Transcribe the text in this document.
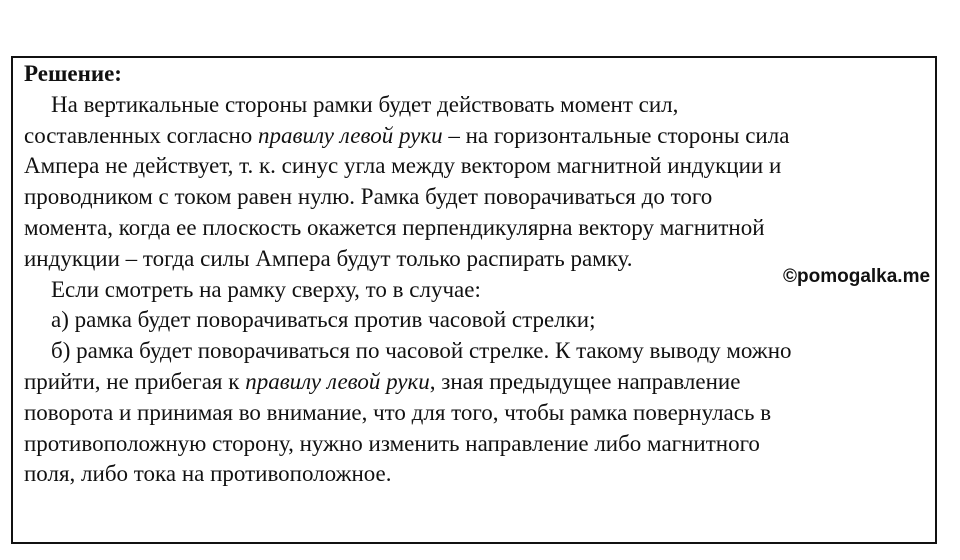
Решение:
На вертикальные стороны рамки будет действовать момент сил,
составленных согласно правилу левой руки – на горизонтальные стороны сила
Ампера не действует, т. к. синус угла между вектором магнитной индукции и
проводником с током равен нулю. Рамка будет поворачиваться до того
момента, когда ее плоскость окажется перпендикулярна вектору магнитной
индукции – тогда силы Ампера будут только распирать рамку.
Если смотреть на рамку сверху, то в случае:
а) рамка будет поворачиваться против часовой стрелки;
б) рамка будет поворачиваться по часовой стрелке. К такому выводу можно
прийти, не прибегая к правилу левой руки, зная предыдущее направление
поворота и принимая во внимание, что для того, чтобы рамка повернулась в
противоположную сторону, нужно изменить направление либо магнитного
поля, либо тока на противоположное.
©pomogalka.me
